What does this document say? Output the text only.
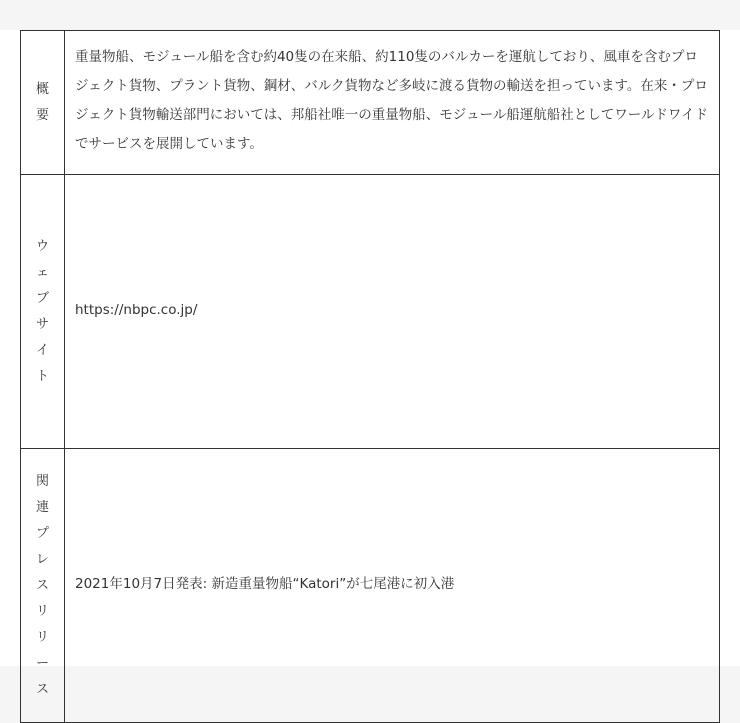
概要	重量物船、モジュール船を含む約40隻の在来船、約110隻のバルカーを運航しており、風車を含むプロジェクト貨物、プラント貨物、鋼材、バルク貨物など多岐に渡る貨物の輸送を担っています。在来・プロジェクト貨物輸送部門においては、邦船社唯一の重量物船、モジュール船運航船社としてワールドワイドでサービスを展開しています。
ウェブサイト	https://nbpc.co.jp/
関連プレスリリース	2021年10月7日発表: 新造重量物船“Katori”が七尾港に初入港
